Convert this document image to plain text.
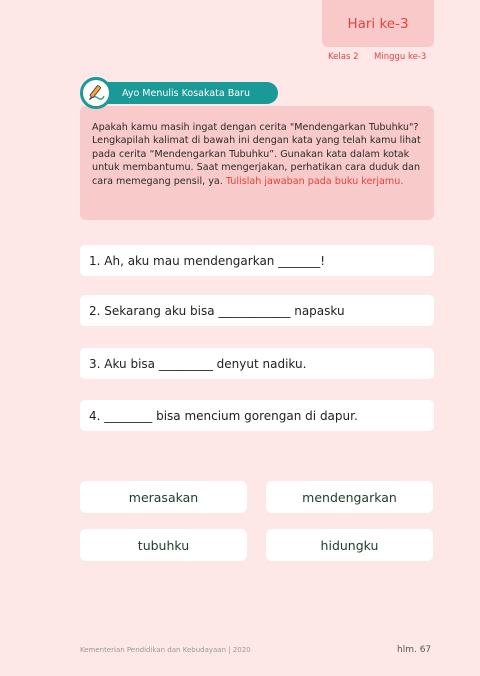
Hari ke-3
Kelas 2 Minggu ke-3
Ayo Menulis Kosakata Baru
Apakah kamu masih ingat dengan cerita "Mendengarkan Tubuhku"? Lengkapilah kalimat di bawah ini dengan kata yang telah kamu lihat pada cerita “Mendengarkan Tubuhku”. Gunakan kata dalam kotak untuk membantumu. Saat mengerjakan, perhatikan cara duduk dan cara memegang pensil, ya. Tulislah jawaban pada buku kerjamu.
1. Ah, aku mau mendengarkan _______!
2. Sekarang aku bisa ____________ napasku
3. Aku bisa _________ denyut nadiku.
4. ________ bisa mencium gorengan di dapur.
merasakan	mendengarkan
tubuhku	hidungku
Kementerian Pendidikan dan Kebudayaan | 2020	hlm. 67
